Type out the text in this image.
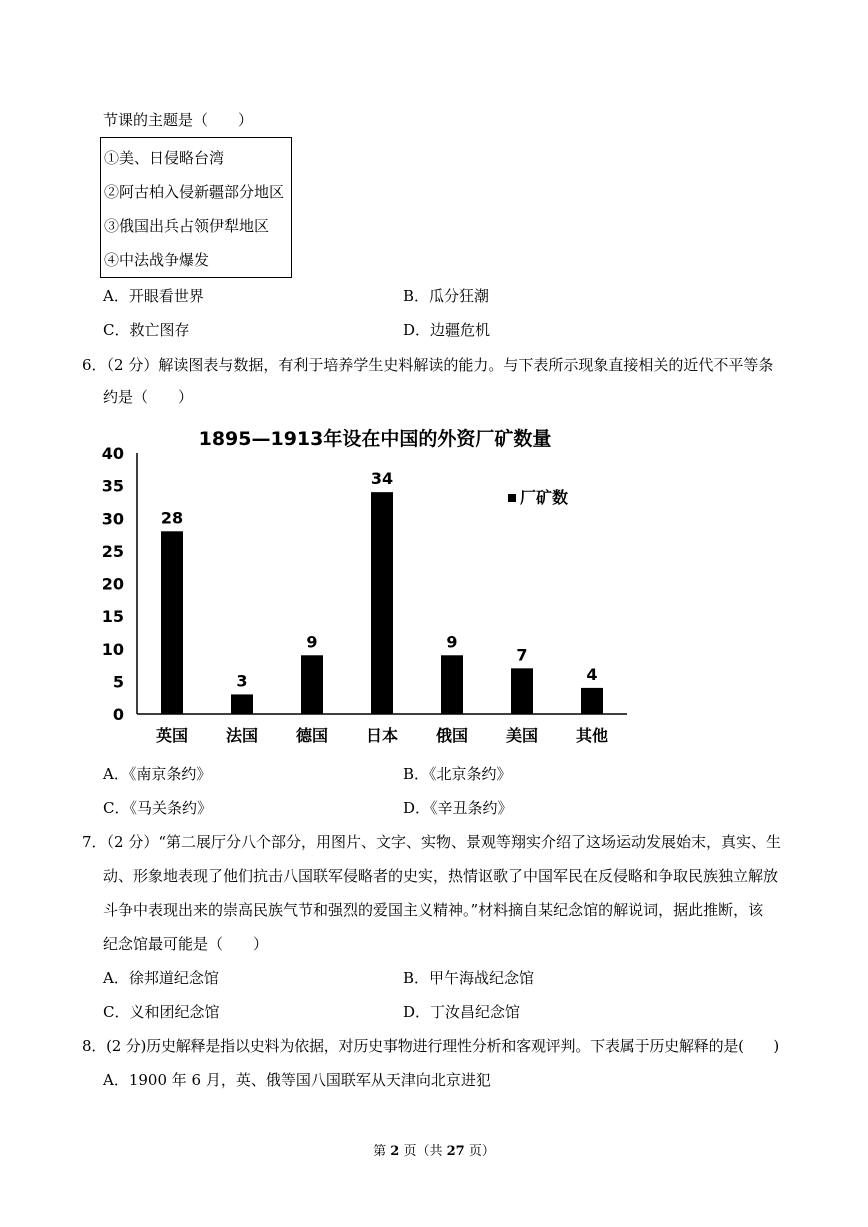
节课的主题是（　　）
①美、日侵略台湾
②阿古柏入侵新疆部分地区
③俄国出兵占领伊犁地区
④中法战争爆发
A．开眼看世界	B．瓜分狂潮
C．救亡图存	D．边疆危机
6．（2 分）解读图表与数据，有利于培养学生史料解读的能力。与下表所示现象直接相关的近代不平等条
约是（　　）
1895—1913年设在中国的外资厂矿数量
0
5
10
15
20
25
30
35
40
28
英国
3
法国
9
德国
34
日本
9
俄国
7
美国
4
其他
厂矿数
A．《南京条约》	B．《北京条约》
C．《马关条约》	D．《辛丑条约》
7．（2 分）“第二展厅分八个部分，用图片、文字、实物、景观等翔实介绍了这场运动发展始末，真实、生
动、形象地表现了他们抗击八国联军侵略者的史实，热情讴歌了中国军民在反侵略和争取民族独立解放
斗争中表现出来的崇高民族气节和强烈的爱国主义精神。”材料摘自某纪念馆的解说词，据此推断，该
纪念馆最可能是（　　）
A．徐邦道纪念馆	B．甲午海战纪念馆
C．义和团纪念馆	D．丁汝昌纪念馆
8．(2 分)历史解释是指以史料为依据，对历史事物进行理性分析和客观评判。下表属于历史解释的是(　　)
A．1900 年 6 月，英、俄等国八国联军从天津向北京进犯
第 2 页（共 27 页）
